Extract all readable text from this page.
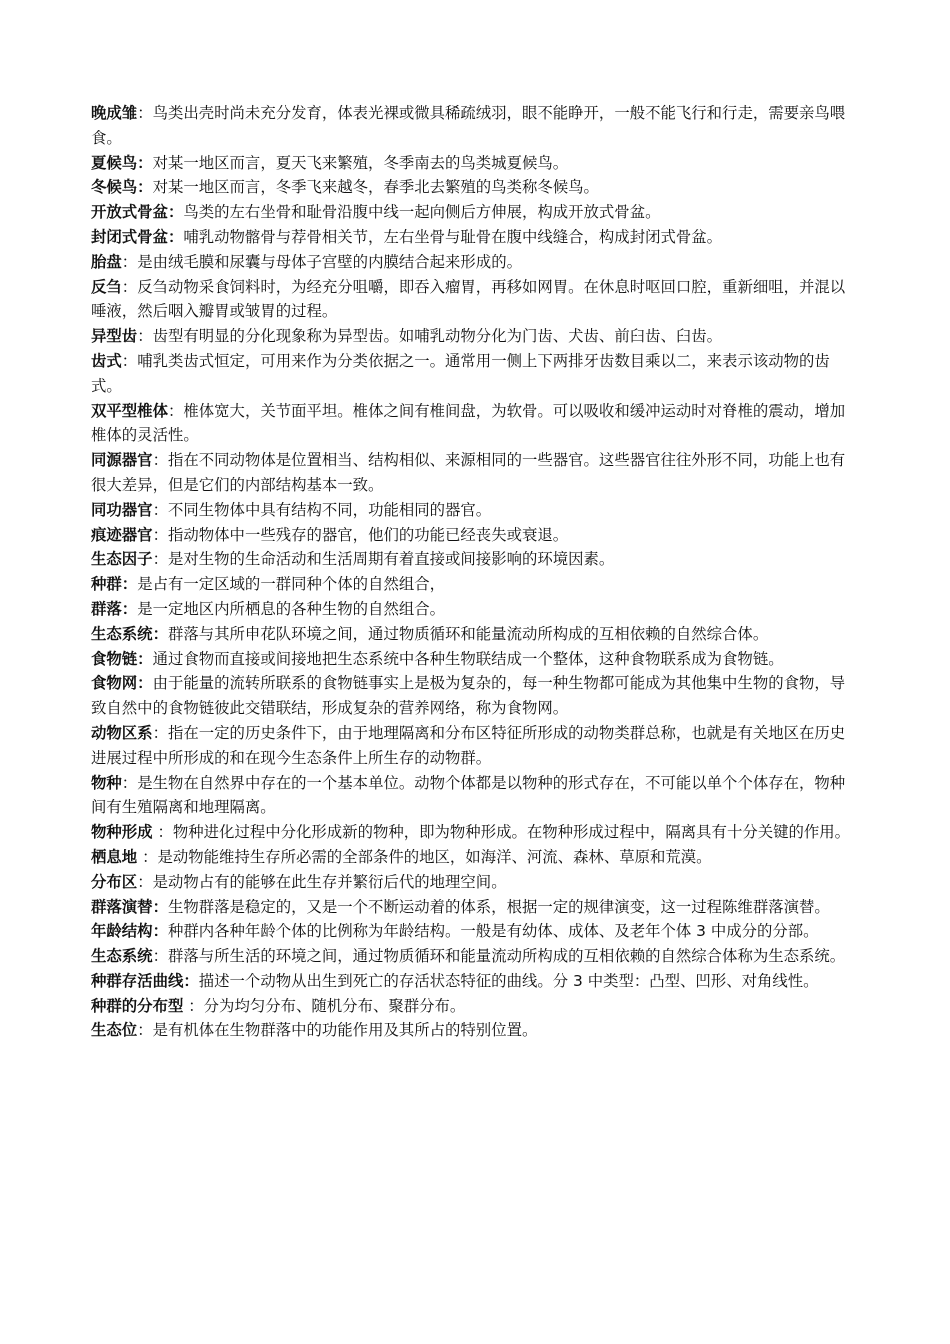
晚成雏：鸟类出壳时尚未充分发育，体表光裸或微具稀疏绒羽，眼不能睁开，一般不能飞行和行走，需要亲鸟喂食。

夏候鸟：对某一地区而言，夏天飞来繁殖，冬季南去的鸟类城夏候鸟。

冬候鸟：对某一地区而言，冬季飞来越冬，春季北去繁殖的鸟类称冬候鸟。

开放式骨盆：鸟类的左右坐骨和耻骨沿腹中线一起向侧后方伸展，构成开放式骨盆。

封闭式骨盆：哺乳动物髂骨与荐骨相关节，左右坐骨与耻骨在腹中线缝合，构成封闭式骨盆。

胎盘：是由绒毛膜和尿囊与母体子宫壁的内膜结合起来形成的。

反刍：反刍动物采食饲料时，为经充分咀嚼，即吞入瘤胃，再移如网胃。在休息时呕回口腔，重新细咀，并混以唾液，然后咽入瓣胃或皱胃的过程。

异型齿：齿型有明显的分化现象称为异型齿。如哺乳动物分化为门齿、犬齿、前臼齿、臼齿。

齿式：哺乳类齿式恒定，可用来作为分类依据之一。通常用一侧上下两排牙齿数目乘以二，来表示该动物的齿式。

双平型椎体：椎体宽大，关节面平坦。椎体之间有椎间盘，为软骨。可以吸收和缓冲运动时对脊椎的震动，增加椎体的灵活性。

同源器官：指在不同动物体是位置相当、结构相似、来源相同的一些器官。这些器官往往外形不同，功能上也有很大差异，但是它们的内部结构基本一致。

同功器官：不同生物体中具有结构不同，功能相同的器官。

痕迹器官：指动物体中一些残存的器官，他们的功能已经丧失或衰退。

生态因子：是对生物的生命活动和生活周期有着直接或间接影响的环境因素。

种群：是占有一定区域的一群同种个体的自然组合，

群落：是一定地区内所栖息的各种生物的自然组合。

生态系统：群落与其所申花队环境之间，通过物质循环和能量流动所构成的互相依赖的自然综合体。

食物链：通过食物而直接或间接地把生态系统中各种生物联结成一个整体，这种食物联系成为食物链。

食物网：由于能量的流转所联系的食物链事实上是极为复杂的，每一种生物都可能成为其他集中生物的食物，导致自然中的食物链彼此交错联结，形成复杂的营养网络，称为食物网。

动物区系：指在一定的历史条件下，由于地理隔离和分布区特征所形成的动物类群总称，也就是有关地区在历史进展过程中所形成的和在现今生态条件上所生存的动物群。

物种：是生物在自然界中存在的一个基本单位。动物个体都是以物种的形式存在，不可能以单个个体存在，物种间有生殖隔离和地理隔离。

物种形成 ：物种进化过程中分化形成新的物种，即为物种形成。在物种形成过程中，隔离具有十分关键的作用。

栖息地 ：是动物能维持生存所必需的全部条件的地区，如海洋、河流、森林、草原和荒漠。

分布区：是动物占有的能够在此生存并繁衍后代的地理空间。

群落演替：生物群落是稳定的，又是一个不断运动着的体系，根据一定的规律演变，这一过程陈维群落演替。

年龄结构：种群内各种年龄个体的比例称为年龄结构。一般是有幼体、成体、及老年个体 3 中成分的分部。

生态系统：群落与所生活的环境之间，通过物质循环和能量流动所构成的互相依赖的自然综合体称为生态系统。

种群存活曲线：描述一个动物从出生到死亡的存活状态特征的曲线。分 3 中类型：凸型、凹形、对角线性。

种群的分布型 ：分为均匀分布、随机分布、聚群分布。

生态位：是有机体在生物群落中的功能作用及其所占的特别位置。
